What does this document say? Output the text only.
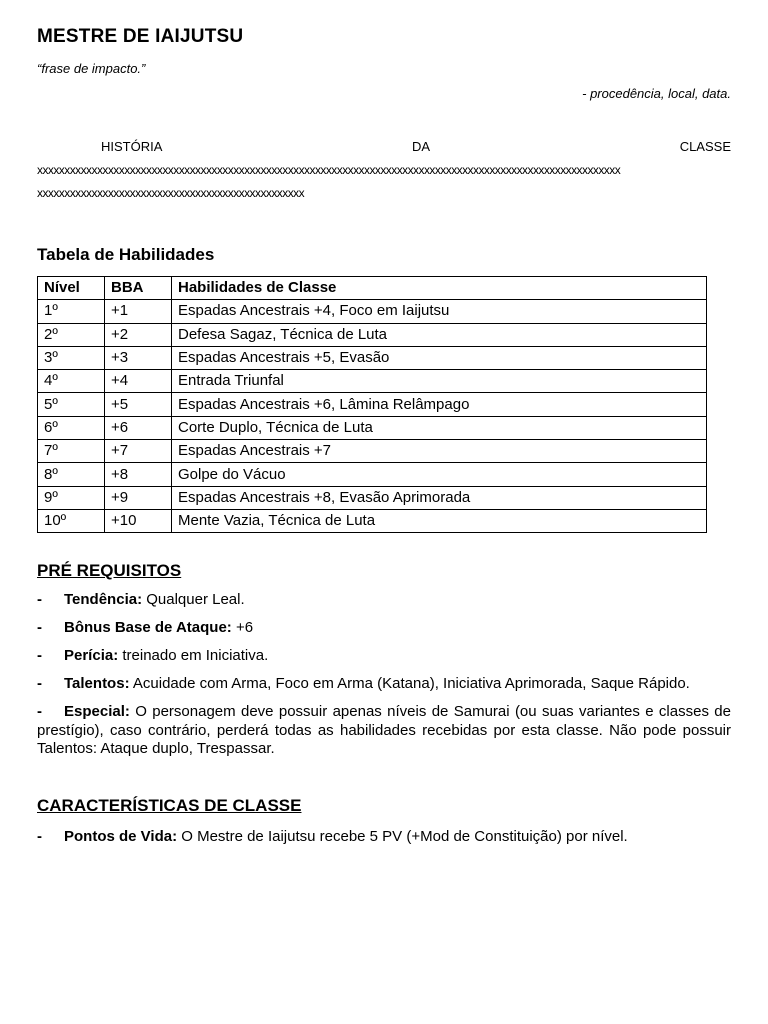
MESTRE DE IAIJUTSU
“frase de impacto.”
- procedência, local, data.
HISTÓRIA	DA	CLASSE
xxxxxxxxxxxxxxxxxxxxxxxxxxxxxxxxxxxxxxxxxxxxxxxxxxxxxxxxxxxxxxxxxxxxxxxxxxxxxxxxxxxxxxxxxxxxxxxxxxxxxxxxxxx
xxxxxxxxxxxxxxxxxxxxxxxxxxxxxxxxxxxxxxxxxxxxxxxxx
Tabela de Habilidades
Nível	BBA	Habilidades de Classe
1º	+1	Espadas Ancestrais +4, Foco em Iaijutsu
2º	+2	Defesa Sagaz, Técnica de Luta
3º	+3	Espadas Ancestrais +5, Evasão
4º	+4	Entrada Triunfal
5º	+5	Espadas Ancestrais +6, Lâmina Relâmpago
6º	+6	Corte Duplo, Técnica de Luta
7º	+7	Espadas Ancestrais +7
8º	+8	Golpe do Vácuo
9º	+9	Espadas Ancestrais +8, Evasão Aprimorada
10º	+10	Mente Vazia, Técnica de Luta
PRÉ REQUISITOS
- Tendência: Qualquer Leal.
- Bônus Base de Ataque: +6
- Perícia: treinado em Iniciativa.
- Talentos: Acuidade com Arma, Foco em Arma (Katana), Iniciativa Aprimorada, Saque Rápido.
- Especial: O personagem deve possuir apenas níveis de Samurai (ou suas variantes e classes de prestígio), caso contrário, perderá todas as habilidades recebidas por esta classe. Não pode possuir Talentos: Ataque duplo, Trespassar.
CARACTERÍSTICAS DE CLASSE
- Pontos de Vida: O Mestre de Iaijutsu recebe 5 PV (+Mod de Constituição) por nível.
